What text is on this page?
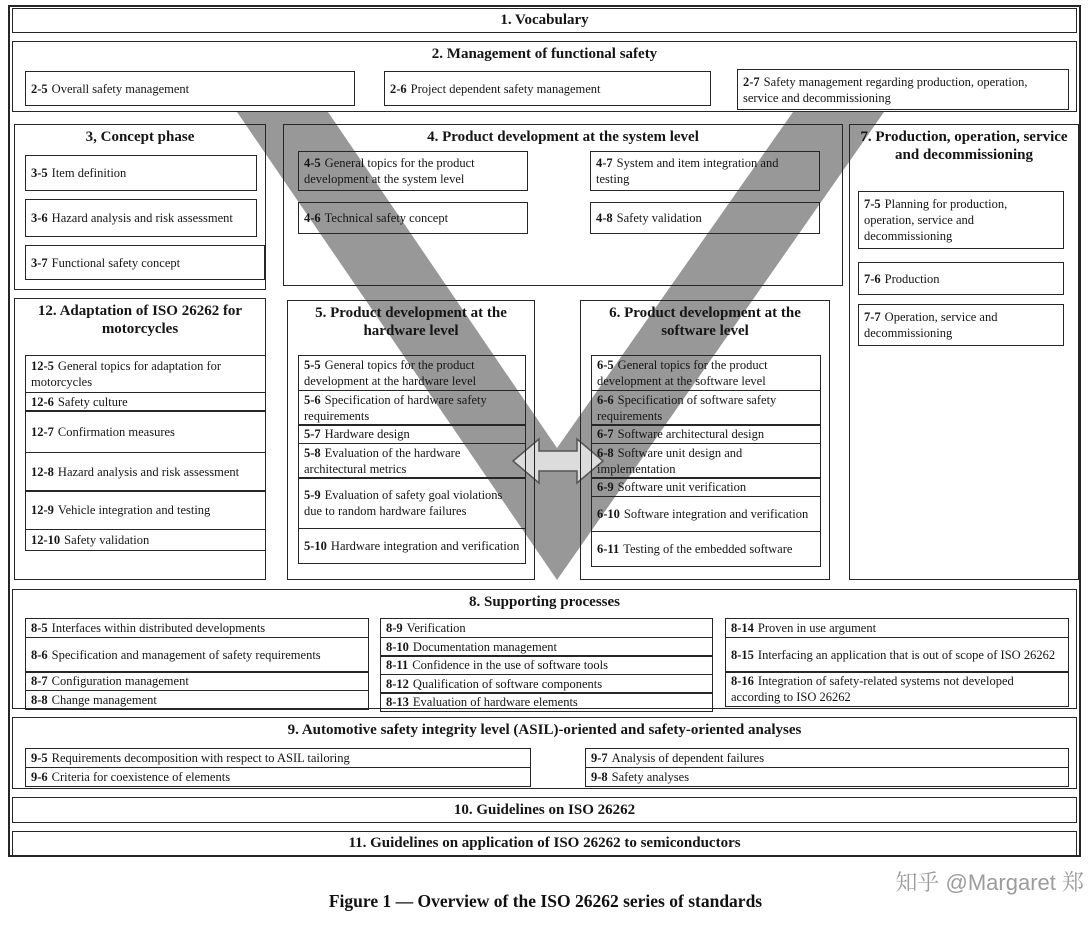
1. Vocabulary
2. Management of functional safety
2-5 Overall safety management	2-6 Project dependent safety management	2-7 Safety management regarding production, operation, service and decommissioning
3, Concept phase
3-5 Item definition
3-6 Hazard analysis and risk assessment
3-7 Functional safety concept
4. Product development at the system level
4-5 General topics for the product development at the system level
4-7 System and item integration and testing
4-6 Technical safety concept	4-8 Safety validation
7. Production, operation, service and decommissioning
7-5 Planning for production, operation, service and decommissioning
7-6 Production
7-7 Operation, service and decommissioning
12. Adaptation of ISO 26262 for motorcycles
12-5 General topics for adaptation for motorcycles
12-6 Safety culture
12-7 Confirmation measures
12-8 Hazard analysis and risk assessment
12-9 Vehicle integration and testing
12-10 Safety validation
5. Product development at the hardware level
5-5 General topics for the product development at the hardware level
5-6 Specification of hardware safety requirements
5-7 Hardware design
5-8 Evaluation of the hardware architectural metrics
5-9 Evaluation of safety goal violations due to random hardware failures
5-10 Hardware integration and verification
6. Product development at the software level
6-5 General topics for the product development at the software level
6-6 Specification of software safety requirements
6-7 Software architectural design
6-8 Software unit design and implementation
6-9 Software unit verification
6-10 Software integration and verification
6-11 Testing of the embedded software
8. Supporting processes
8-5 Interfaces within distributed developments
8-6 Specification and management of safety requirements
8-7 Configuration management
8-8 Change management
8-9 Verification
8-10 Documentation management
8-11 Confidence in the use of software tools
8-12 Qualification of software components
8-13 Evaluation of hardware elements
8-14 Proven in use argument
8-15 Interfacing an application that is out of scope of ISO 26262
8-16 Integration of safety-related systems not developed according to ISO 26262
9. Automotive safety integrity level (ASIL)-oriented and safety-oriented analyses
9-5 Requirements decomposition with respect to ASIL tailoring
9-6 Criteria for coexistence of elements
9-7 Analysis of dependent failures
9-8 Safety analyses
10. Guidelines on ISO 26262
11. Guidelines on application of ISO 26262 to semiconductors
Figure 1 — Overview of the ISO 26262 series of standards
知乎 @Margaret 郑
